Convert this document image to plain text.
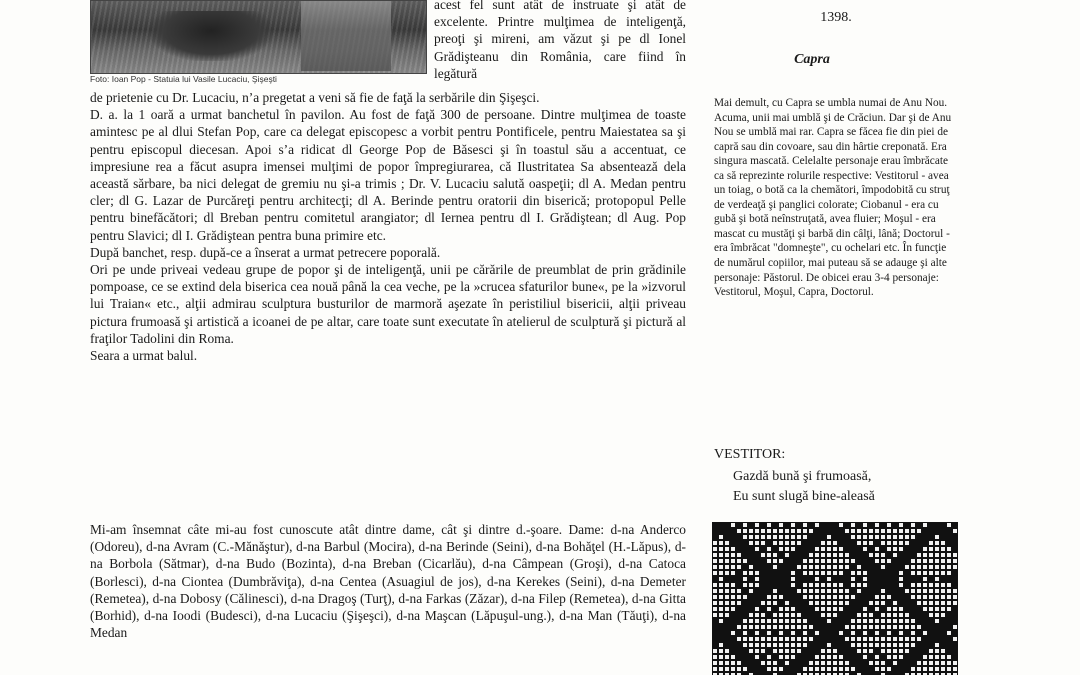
Foto: Ioan Pop - Statuia lui Vasile Lucaciu, Şişeşti

acest fel sunt atât de instruate şi atât de excelente. Printre mulţimea de inteligenţă, preoţi şi mireni, am văzut şi pe dl Ionel Grădişteanu din România, care fiind în legătură

de prietenie cu Dr. Lucaciu, n’a pregetat a veni să fie de faţă la serbările din Şişeşci.

D. a. la 1 oară a urmat banchetul în pavilon. Au fost de faţă 300 de persoane. Dintre mulţimea de toaste amintesc pe al dlui Stefan Pop, care ca delegat episcopesc a vorbit pentru Pontificele, pentru Maiestatea sa şi pentru episcopul diecesan. Apoi s’a ridicat dl George Pop de Băsesci şi în toastul său a accentuat, ce impresiune rea a făcut asupra imensei mulţimi de popor împregiurarea, că Ilustritatea Sa absentează dela această sărbare, ba nici delegat de gremiu nu şi-a trimis ; Dr. V. Lucaciu salută oaspeţii; dl A. Medan pentru cler; dl G. Lazar de Purcăreţi pentru architecţi; dl A. Berinde pentru oratorii din biserică; protopopul Pelle pentru binefăcători; dl Breban pentru comitetul arangiator; dl Iernea pentru dl I. Grădiştean; dl Aug. Pop pentru Slavici; dl I. Grădiştean pentra buna primire etc.

După banchet, resp. după-ce a înserat a urmat petrecere poporală.

Ori pe unde priveai vedeau grupe de popor şi de inteligenţă, unii pe cărările de preumblat de prin grădinile pompoase, ce se extind dela biserica cea nouă până la cea veche, pe la »crucea sfaturilor bune«, pe la »izvorul lui Traian« etc., alţii admirau sculptura busturilor de marmoră aşezate în peristiliul bisericii, alţii priveau pictura frumoasă şi artistică a icoanei de pe altar, care toate sunt executate în atelierul de sculptură şi pictură al fraţilor Tadolini din Roma.

Seara a urmat balul.

Mi-am însemnat câte mi-au fost cunoscute atât dintre dame, cât şi dintre d.-şoare. Dame: d-na Anderco (Odoreu), d-na Avram (C.-Mănăştur), d-na Barbul (Mocira), d-na Berinde (Seini), d-na Bohăţel (H.-Lăpus), d-na Borbola (Sătmar), d-na Budo (Bozinta), d-na Breban (Cicarlău), d-na Câmpean (Groşi), d-na Catoca (Borlesci), d-na Ciontea (Dumbrăviţa), d-na Centea (Asuagiul de jos), d-na Kerekes (Seini), d-na Demeter (Remetea), d-na Dobosy (Călinesci), d-na Dragoş (Turţ), d-na Farkas (Zăzar), d-na Filep (Remetea), d-na Gitta (Borhid), d-na Ioodi (Budesci), d-na Lucaciu (Şişeşci), d-na Maşcan (Lăpuşul-ung.), d-na Man (Tăuţi), d-na Medan

1398.
Capra

Mai demult, cu Capra se umbla numai de Anu Nou. Acuma, unii mai umblă şi de Crăciun. Dar şi de Anu Nou se umblă mai rar. Capra se făcea fie din piei de capră sau din covoare, sau din hârtie creponată. Era singura mascată. Celelalte personaje erau îmbrăcate ca să reprezinte rolurile respective: Vestitorul - avea un toiag, o botă ca la chemători, împodobită cu struţ de verdeaţă şi panglici colorate; Ciobanul - era cu gubă şi botă neînstruţată, avea fluier; Moşul - era mascat cu mustăţi şi barbă din câlţi, lână; Doctorul - era îmbrăcat "domneşte", cu ochelari etc. În funcţie de numărul copiilor, mai puteau să se adauge şi alte personaje: Păstorul. De obicei erau 3-4 personaje: Vestitorul, Moşul, Capra, Doctorul.

VESTITOR:
Gazdă bună şi frumoasă,
Eu sunt slugă bine-aleasă
